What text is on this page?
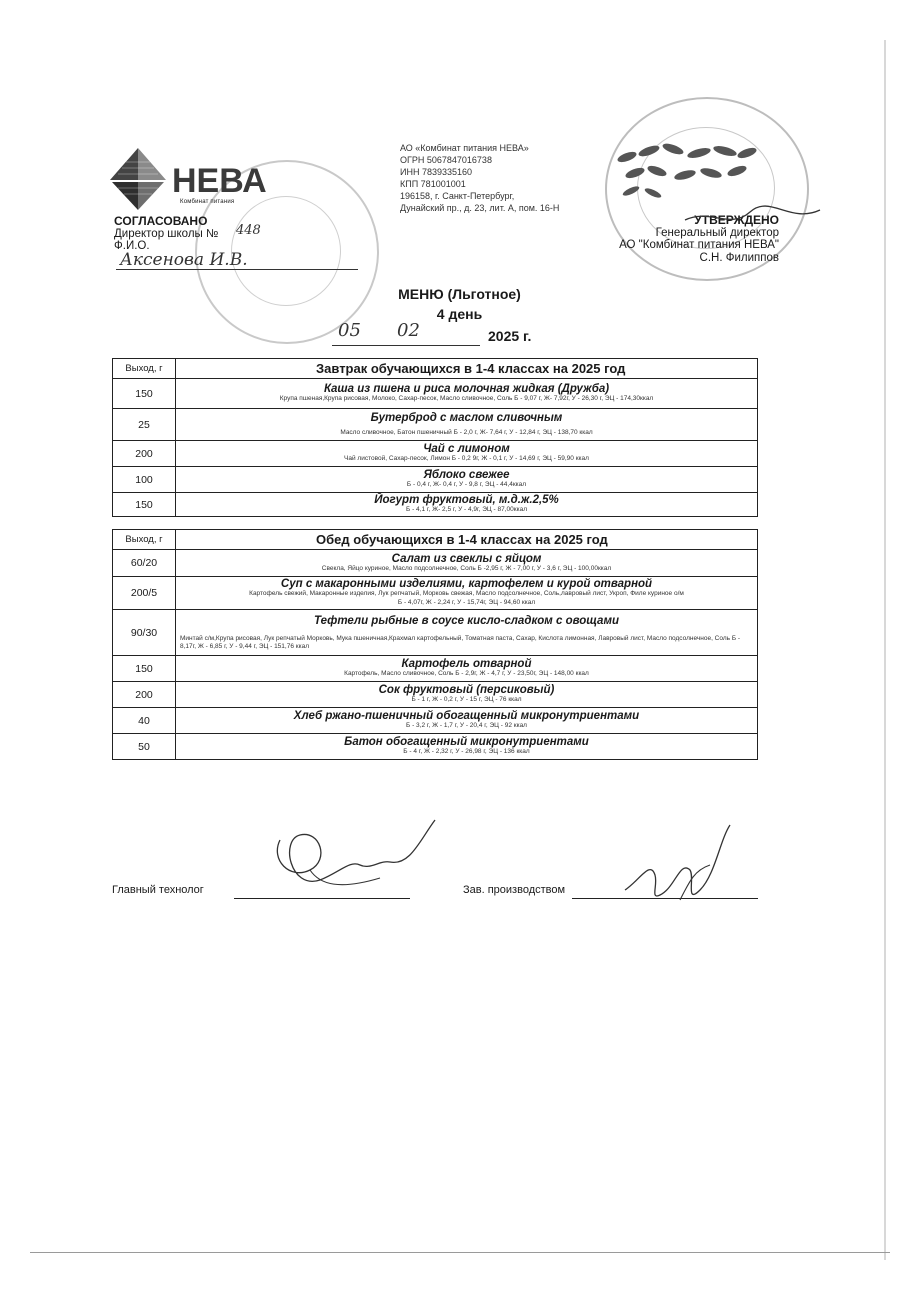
НЕВА
Комбинат питания
АО «Комбинат питания НЕВА»
ОГРН 5067847016738
ИНН 7839335160
КПП 781001001
196158, г. Санкт-Петербург,
Дунайский пр., д. 23, лит. А, пом. 16-Н
СОГЛАСОВАНО
Директор школы №
Ф.И.О.
448
Аксенова И.В.
УТВЕРЖДЕНО
Генеральный директор
АО "Комбинат питания НЕВА"
С.Н. Филиппов
МЕНЮ (Льготное)
4 день
05 02	2025 г.
Выход, г	Завтрак обучающихся в 1-4 классах на 2025 год
150	Каша из пшена и риса молочная жидкая (Дружба)
Крупа пшеная,Крупа рисовая, Молоко, Сахар-песок, Масло сливочное, Соль Б - 9,07 г, Ж- 7,92г, У - 26,30 г, ЭЦ - 174,30ккал

25	Бутерброд с маслом сливочным
Масло сливочное, Батон пшеничный Б - 2,0 г, Ж- 7,64 г, У - 12,84 г, ЭЦ - 138,70 ккал

200	Чай с лимоном
Чай листовой, Сахар-песок, Лимон Б - 0,2 9г, Ж - 0,1 г, У - 14,69 г, ЭЦ - 59,90 ккал

100	Яблоко свежее
Б - 0,4 г, Ж- 0,4 г, У - 9,8 г, ЭЦ - 44,4ккал

150	Йогурт фруктовый, м.д.ж.2,5%
Б - 4,1 г, Ж- 2,5 г, У - 4,9г, ЭЦ - 87,00ккал
Выход, г	Обед обучающихся в 1-4 классах на 2025 год
60/20	Салат из свеклы с яйцом
Свекла, Яйцо куриное, Масло подсолнечное, Соль Б -2,95 г, Ж - 7,00 г, У - 3,6 г, ЭЦ - 100,00ккал

200/5	Суп с макаронными изделиями, картофелем и курой отварной
Картофель свежий, Макаронные изделия, Лук репчатый, Морковь свежая, Масло подсолнечное, Соль,лавровый лист, Укроп, Филе куриное о/м
Б - 4,07г, Ж - 2,24 г, У - 15,74г, ЭЦ - 94,60 ккал

90/30	Тефтели рыбные в соусе кисло-сладком с овощами
Минтай с/м,Крупа рисовая, Лук репчатый Морковь, Мука пшеничная,Крахмал картофельный, Томатная паста, Сахар, Кислота лимонная, Лавровый лист, Масло подсолнечное, Соль Б - 8,17г, Ж - 6,85 г, У - 9,44 г, ЭЦ - 151,76 ккал

150	Картофель отварной
Картофель, Масло сливочное, Соль Б - 2,9г, Ж - 4,7 г, У - 23,50г, ЭЦ - 148,00 ккал

200	Сок фруктовый (персиковый)
Б - 1 г, Ж - 0,2 г, У - 15 г, ЭЦ - 76 ккал

40	Хлеб ржано-пшеничный обогащенный микронутриентами
Б - 3,2 г, Ж - 1,7 г, У - 20,4 г, ЭЦ - 92 ккал

50	Батон обогащенный микронутриентами
Б - 4 г, Ж - 2,32 г, У - 26,98 г, ЭЦ - 136 ккал
Главный технолог	Зав. производством
